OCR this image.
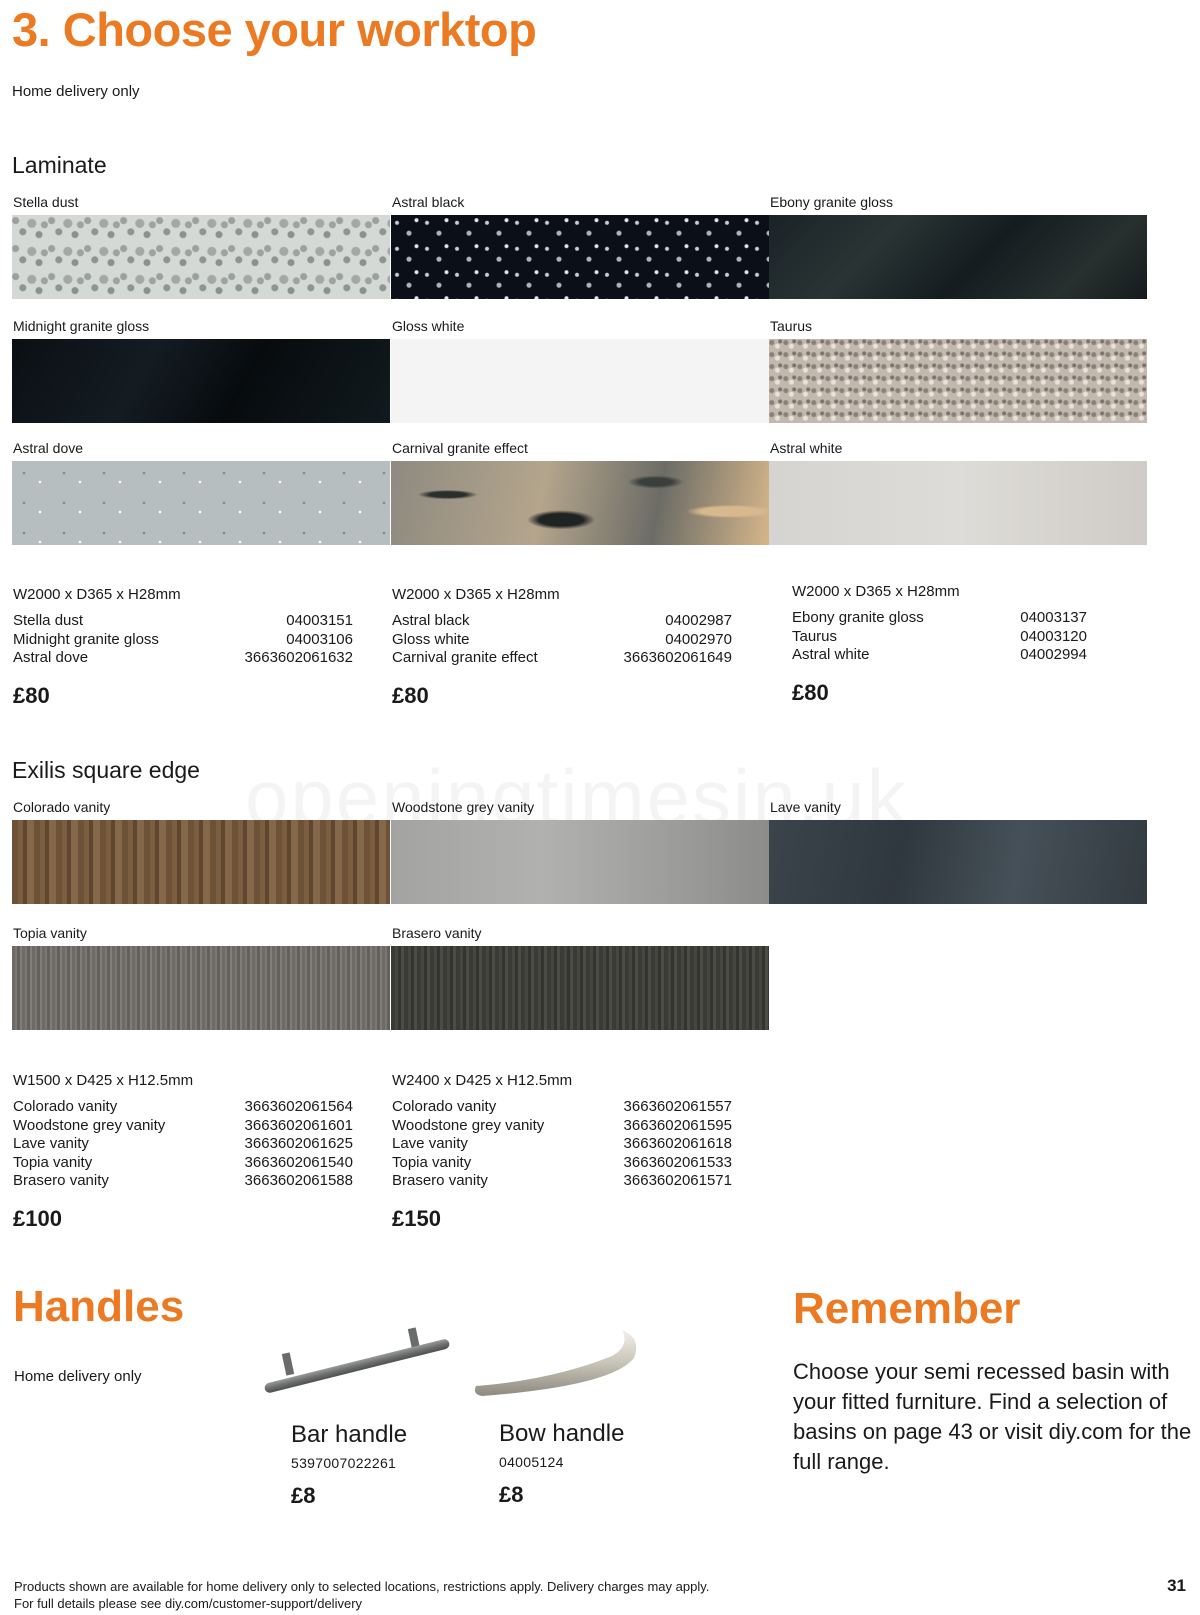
3. Choose your worktop
Home delivery only
Laminate
Stella dust	Astral black	Ebony granite gloss
Midnight granite gloss	Gloss white	Taurus
Astral dove	Carnival granite effect	Astral white
W2000 x D365 x H28mm
Stella dust	04003151
Midnight granite gloss	04003106
Astral dove	3663602061632
£80
W2000 x D365 x H28mm
Astral black	04002987
Gloss white	04002970
Carnival granite effect	3663602061649
£80
W2000 x D365 x H28mm
Ebony granite gloss	04003137
Taurus	04003120
Astral white	04002994
£80
Exilis square edge
Colorado vanity	Woodstone grey vanity	Lave vanity
Topia vanity	Brasero vanity
W1500 x D425 x H12.5mm
Colorado vanity	3663602061564
Woodstone grey vanity	3663602061601
Lave vanity	3663602061625
Topia vanity	3663602061540
Brasero vanity	3663602061588
£100
W2400 x D425 x H12.5mm
Colorado vanity	3663602061557
Woodstone grey vanity	3663602061595
Lave vanity	3663602061618
Topia vanity	3663602061533
Brasero vanity	3663602061571
£150
Handles
Home delivery only
Bar handle
5397007022261
£8
Bow handle
04005124
£8
Remember
Choose your semi recessed basin with your fitted furniture. Find a selection of basins on page 43 or visit diy.com for the full range.
Products shown are available for home delivery only to selected locations, restrictions apply. Delivery charges may apply.
For full details please see diy.com/customer-support/delivery
31
